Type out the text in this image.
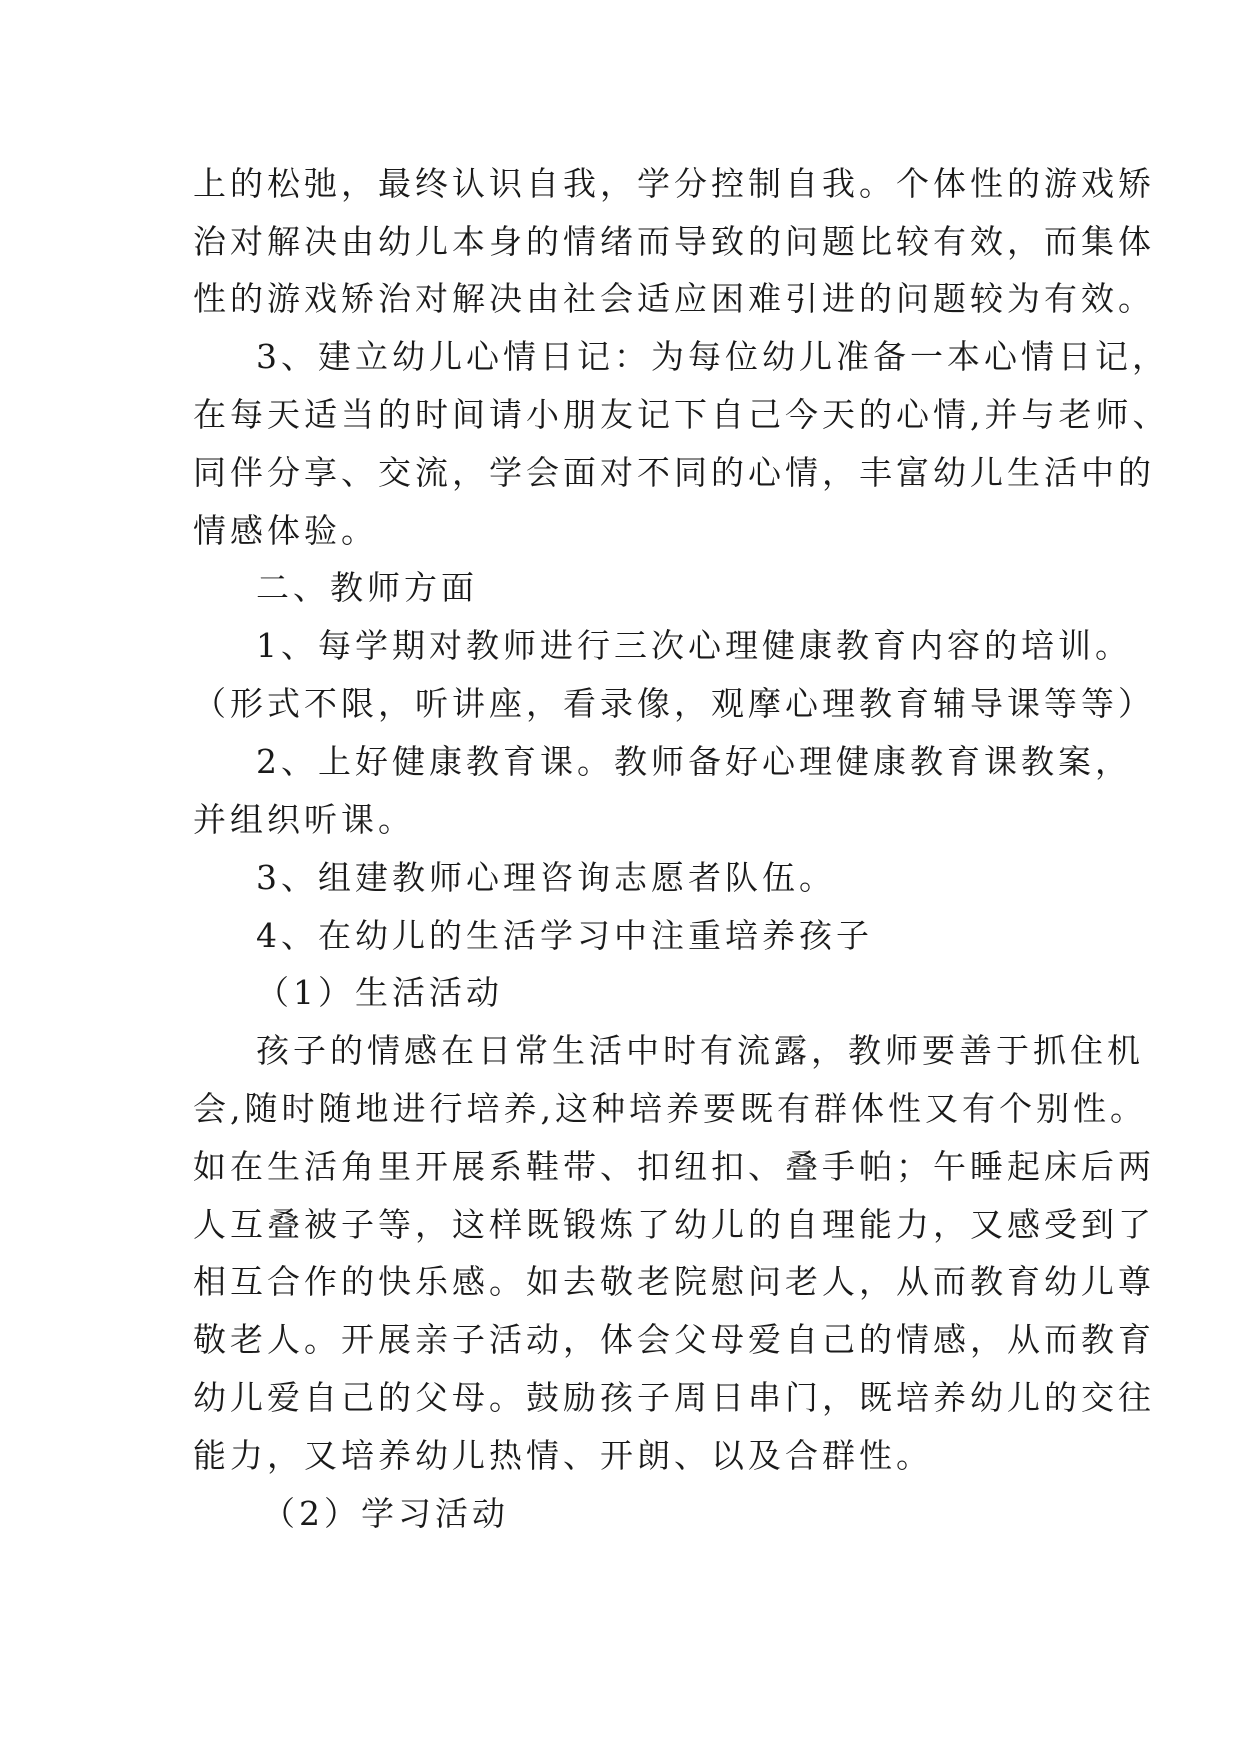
上的松弛，最终认识自我，学分控制自我。个体性的游戏矫
治对解决由幼儿本身的情绪而导致的问题比较有效，而集体
性的游戏矫治对解决由社会适应困难引进的问题较为有效。
3、建立幼儿心情日记：为每位幼儿准备一本心情日记，
在每天适当的时间请小朋友记下自己今天的心情,并与老师、
同伴分享、交流，学会面对不同的心情，丰富幼儿生活中的
情感体验。
二、教师方面
1、每学期对教师进行三次心理健康教育内容的培训。
（形式不限，听讲座，看录像，观摩心理教育辅导课等等）
2、上好健康教育课。教师备好心理健康教育课教案，
并组织听课。
3、组建教师心理咨询志愿者队伍。
4、在幼儿的生活学习中注重培养孩子
（1）生活活动
孩子的情感在日常生活中时有流露，教师要善于抓住机
会,随时随地进行培养,这种培养要既有群体性又有个别性。
如在生活角里开展系鞋带、扣纽扣、叠手帕；午睡起床后两
人互叠被子等，这样既锻炼了幼儿的自理能力，又感受到了
相互合作的快乐感。如去敬老院慰问老人，从而教育幼儿尊
敬老人。开展亲子活动，体会父母爱自己的情感，从而教育
幼儿爱自己的父母。鼓励孩子周日串门，既培养幼儿的交往
能力，又培养幼儿热情、开朗、以及合群性。
（2）学习活动
